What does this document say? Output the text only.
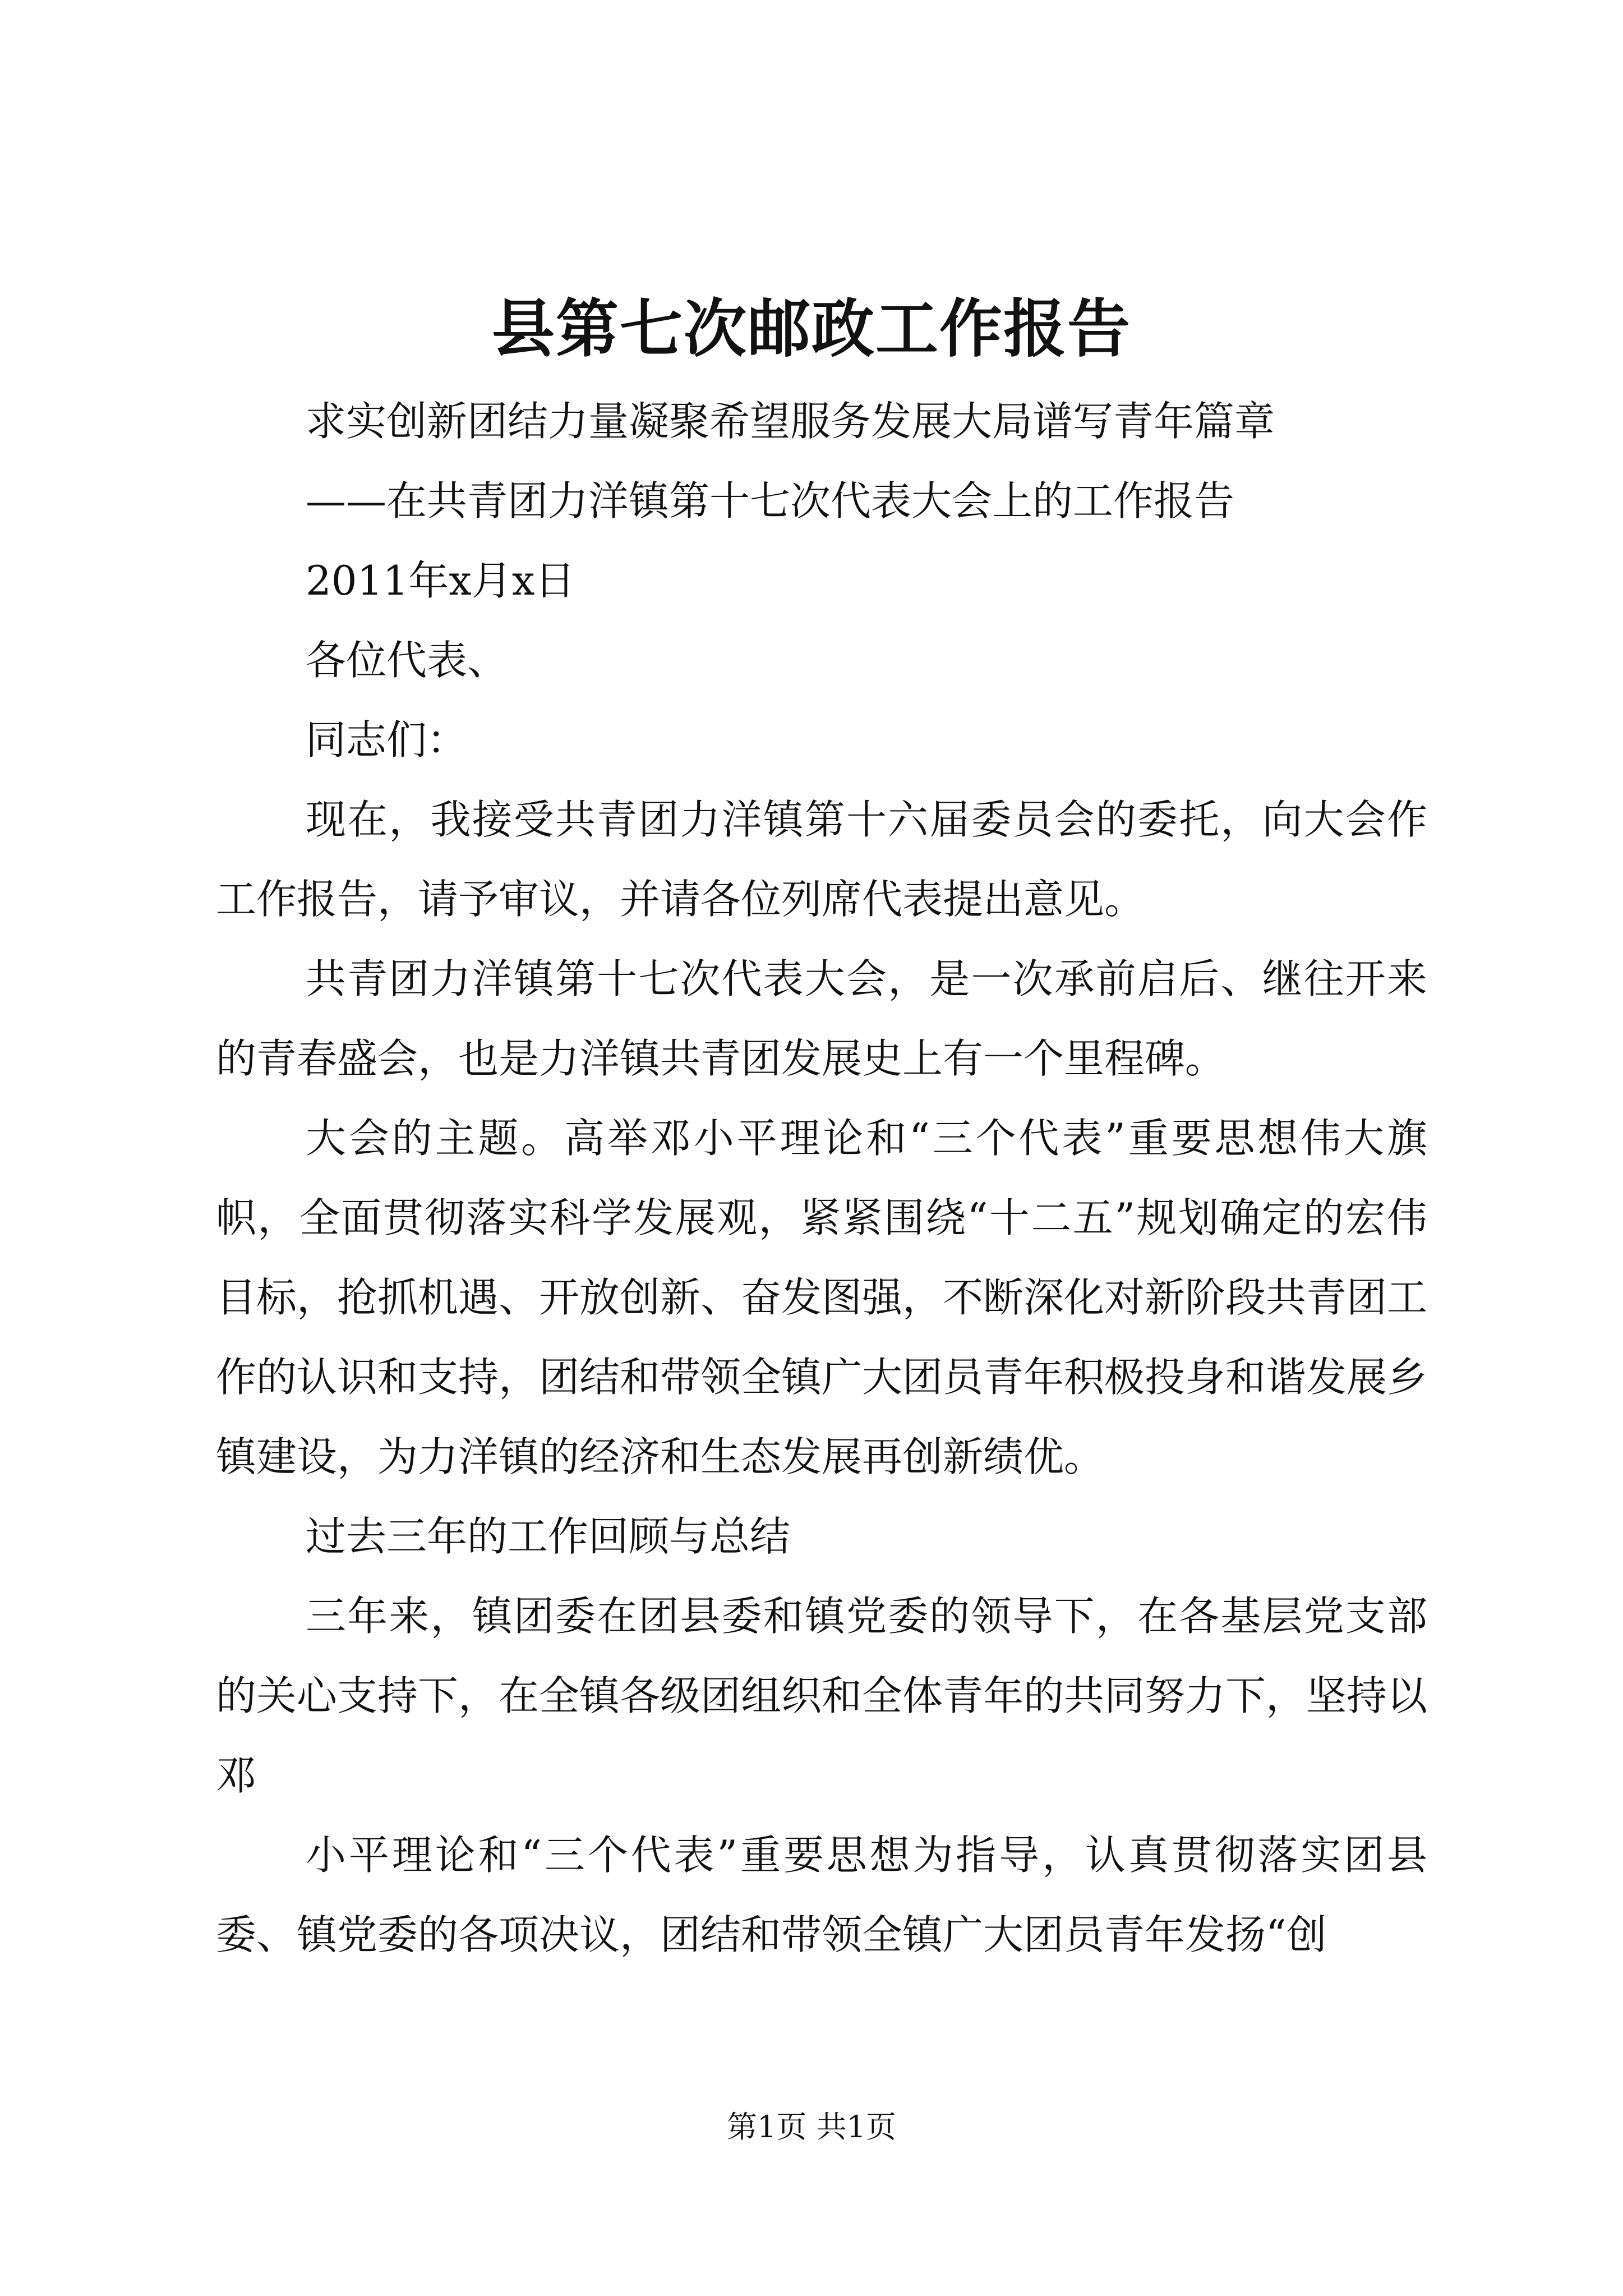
县第七次邮政工作报告

求实创新团结力量凝聚希望服务发展大局谱写青年篇章

——在共青团力洋镇第十七次代表大会上的工作报告

2011年x月x日

各位代表、

同志们：

现在，我接受共青团力洋镇第十六届委员会的委托，向大会作工作报告，请予审议，并请各位列席代表提出意见。

共青团力洋镇第十七次代表大会，是一次承前启后、继往开来的青春盛会，也是力洋镇共青团发展史上有一个里程碑。

大会的主题。高举邓小平理论和“三个代表”重要思想伟大旗帜，全面贯彻落实科学发展观，紧紧围绕“十二五”规划确定的宏伟目标，抢抓机遇、开放创新、奋发图强，不断深化对新阶段共青团工作的认识和支持，团结和带领全镇广大团员青年积极投身和谐发展乡镇建设，为力洋镇的经济和生态发展再创新绩优。

过去三年的工作回顾与总结

三年来，镇团委在团县委和镇党委的领导下，在各基层党支部的关心支持下，在全镇各级团组织和全体青年的共同努力下，坚持以邓

小平理论和“三个代表”重要思想为指导，认真贯彻落实团县委、镇党委的各项决议，团结和带领全镇广大团员青年发扬“创

第1页 共1页
